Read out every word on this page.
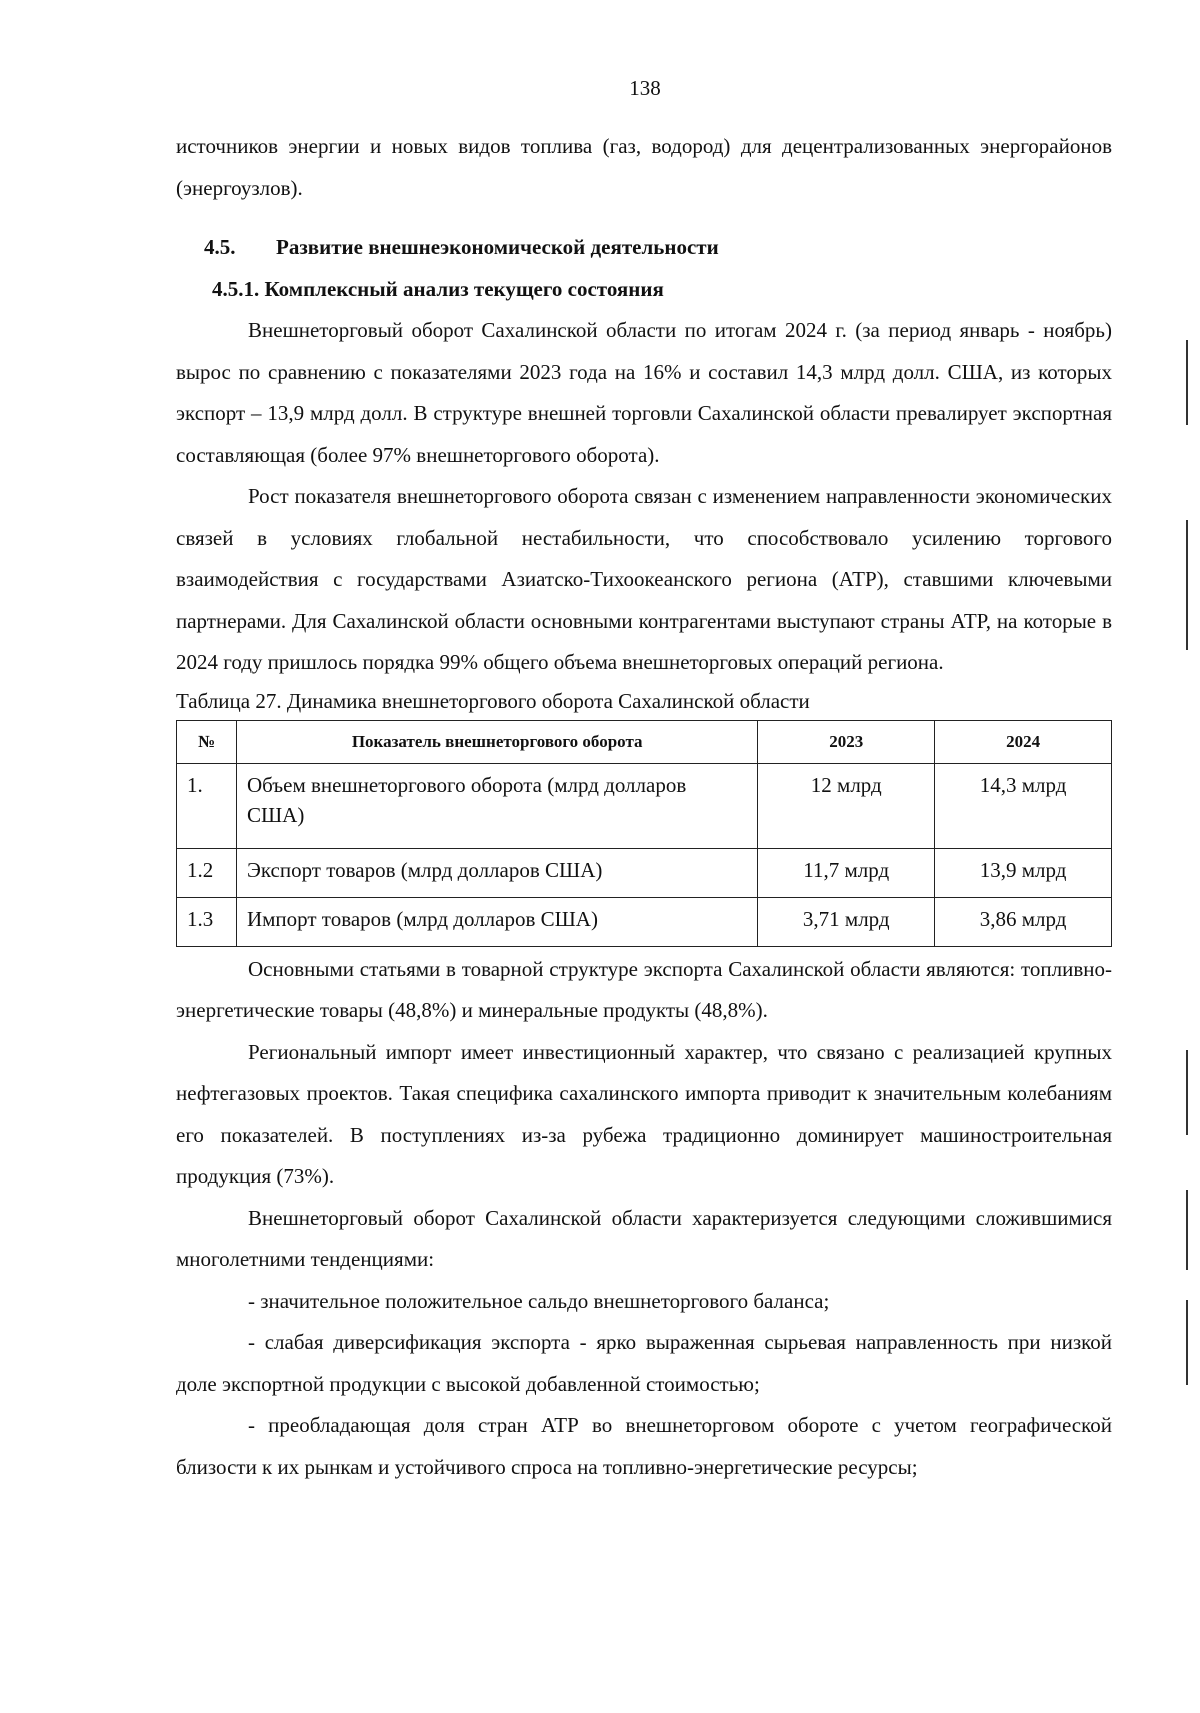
138

источников энергии и новых видов топлива (газ, водород) для децентрализованных энергорайонов (энергоузлов).

4.5. Развитие внешнеэкономической деятельности

4.5.1. Комплексный анализ текущего состояния

Внешнеторговый оборот Сахалинской области по итогам 2024 г. (за период январь - ноябрь) вырос по сравнению с показателями 2023 года на 16% и составил 14,3 млрд долл. США, из которых экспорт – 13,9 млрд долл. В структуре внешней торговли Сахалинской области превалирует экспортная составляющая (более 97% внешнеторгового оборота).

Рост показателя внешнеторгового оборота связан с изменением направленности экономических связей в условиях глобальной нестабильности, что способствовало усилению торгового взаимодействия с государствами Азиатско-Тихоокеанского региона (АТР), ставшими ключевыми партнерами. Для Сахалинской области основными контрагентами выступают страны АТР, на которые в 2024 году пришлось порядка 99% общего объема внешнеторговых операций региона.

Таблица 27. Динамика внешнеторгового оборота Сахалинской области

№	Показатель внешнеторгового оборота	2023	2024
1.	Объем внешнеторгового оборота (млрд долларов США)	12 млрд	14,3 млрд
1.2	Экспорт товаров (млрд долларов США)	11,7 млрд	13,9 млрд
1.3	Импорт товаров (млрд долларов США)	3,71 млрд	3,86 млрд

Основными статьями в товарной структуре экспорта Сахалинской области являются: топливно-энергетические товары (48,8%) и минеральные продукты (48,8%).

Региональный импорт имеет инвестиционный характер, что связано с реализацией крупных нефтегазовых проектов. Такая специфика сахалинского импорта приводит к значительным колебаниям его показателей. В поступлениях из-за рубежа традиционно доминирует машиностроительная продукция (73%).

Внешнеторговый оборот Сахалинской области характеризуется следующими сложившимися многолетними тенденциями:

- значительное положительное сальдо внешнеторгового баланса;

- слабая диверсификация экспорта - ярко выраженная сырьевая направленность при низкой доле экспортной продукции с высокой добавленной стоимостью;

- преобладающая доля стран АТР во внешнеторговом обороте с учетом географической близости к их рынкам и устойчивого спроса на топливно-энергетические ресурсы;
